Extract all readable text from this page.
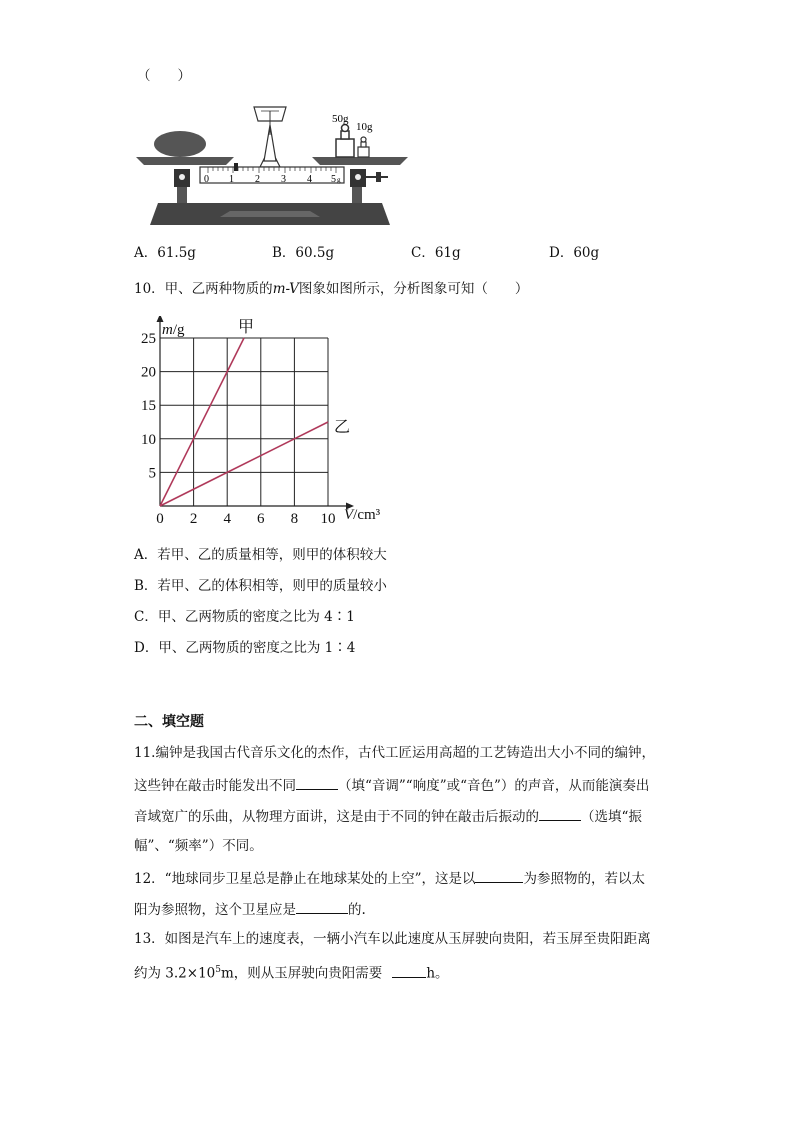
（　　）
50g
10g
0 1 2 3 4 5 g
A．61.5g	B．60.5g	C．61g	D．60g
10．甲、乙两种物质的m-V图象如图所示，分析图象可知（　　）
0 2 4 6 8 10
5
10
15
20
25
m/g
V/cm³
甲
乙
A．若甲、乙的质量相等，则甲的体积较大
B．若甲、乙的体积相等，则甲的质量较小
C．甲、乙两物质的密度之比为 4∶1
D．甲、乙两物质的密度之比为 1∶4
二、填空题
11.编钟是我国古代音乐文化的杰作，古代工匠运用高超的工艺铸造出大小不同的编钟，
这些钟在敲击时能发出不同	（填“音调”“响度”或“音色”）的声音，从而能演奏出
音域宽广的乐曲，从物理方面讲，这是由于不同的钟在敲击后振动的	（选填“振
幅”、“频率”）不同。
12．“地球同步卫星总是静止在地球某处的上空”，这是以	为参照物的，若以太
阳为参照物，这个卫星应是	的.
13．如图是汽车上的速度表，一辆小汽车以此速度从玉屏驶向贵阳，若玉屏至贵阳距离
约为 $3.2\times 10^5m$，则从玉屏驶向贵阳需要	h。
